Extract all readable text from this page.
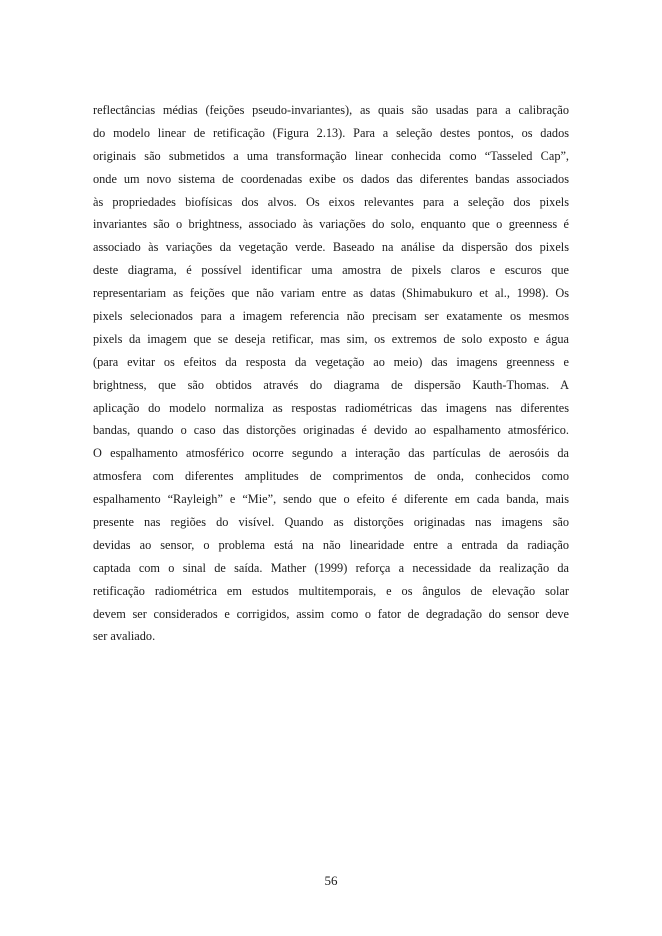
reflectâncias médias (feições pseudo-invariantes), as quais são usadas para a calibração
do modelo linear de retificação (Figura 2.13). Para a seleção destes pontos, os dados
originais são submetidos a uma transformação linear conhecida como “Tasseled Cap”,
onde um novo sistema de coordenadas exibe os dados das diferentes bandas associados
às propriedades biofísicas dos alvos. Os eixos relevantes para a seleção dos pixels
invariantes são o brightness, associado às variações do solo, enquanto que o greenness é
associado às variações da vegetação verde. Baseado na análise da dispersão dos pixels
deste diagrama, é possível identificar uma amostra de pixels claros e escuros que
representariam as feições que não variam entre as datas (Shimabukuro et al., 1998). Os
pixels selecionados para a imagem referencia não precisam ser exatamente os mesmos
pixels da imagem que se deseja retificar, mas sim, os extremos de solo exposto e água
(para evitar os efeitos da resposta da vegetação ao meio) das imagens greenness e
brightness, que são obtidos através do diagrama de dispersão Kauth-Thomas. A
aplicação do modelo normaliza as respostas radiométricas das imagens nas diferentes
bandas, quando o caso das distorções originadas é devido ao espalhamento atmosférico.
O espalhamento atmosférico ocorre segundo a interação das partículas de aerosóis da
atmosfera com diferentes amplitudes de comprimentos de onda, conhecidos como
espalhamento “Rayleigh” e “Mie”, sendo que o efeito é diferente em cada banda, mais
presente nas regiões do visível. Quando as distorções originadas nas imagens são
devidas ao sensor, o problema está na não linearidade entre a entrada da radiação
captada com o sinal de saída. Mather (1999) reforça a necessidade da realização da
retificação radiométrica em estudos multitemporais, e os ângulos de elevação solar
devem ser considerados e corrigidos, assim como o fator de degradação do sensor deve
ser avaliado.
56
